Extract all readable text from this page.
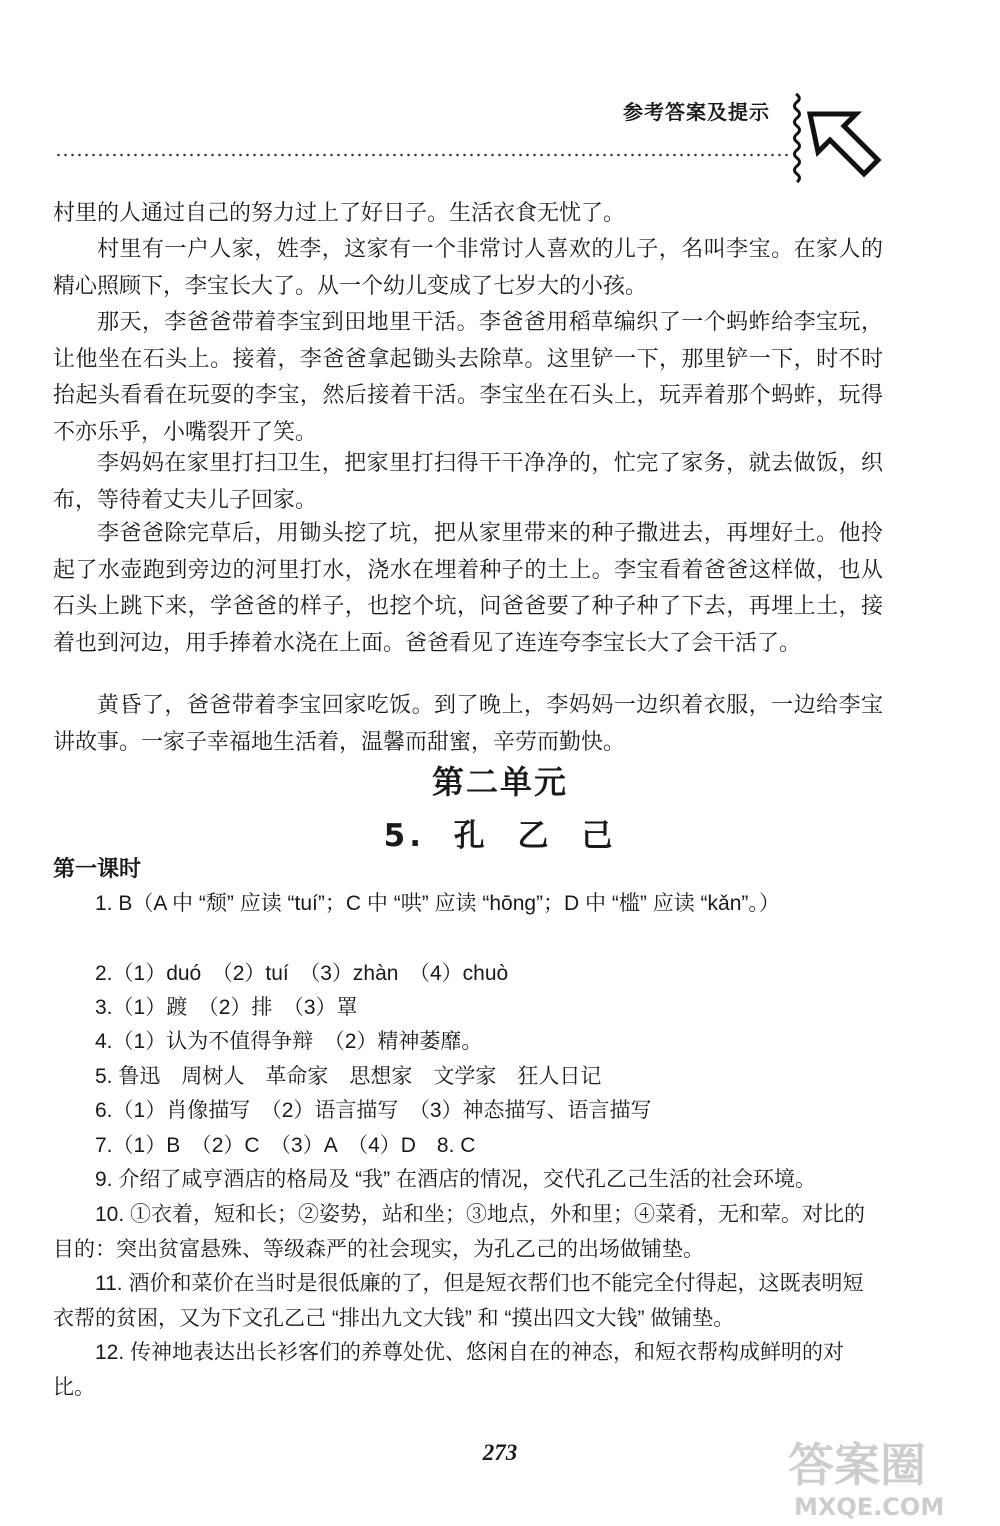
参考答案及提示

村里的人通过自己的努力过上了好日子。生活衣食无忧了。

村里有一户人家，姓李，这家有一个非常讨人喜欢的儿子，名叫李宝。在家人的精心照顾下，李宝长大了。从一个幼儿变成了七岁大的小孩。

那天，李爸爸带着李宝到田地里干活。李爸爸用稻草编织了一个蚂蚱给李宝玩，让他坐在石头上。接着，李爸爸拿起锄头去除草。这里铲一下，那里铲一下，时不时抬起头看看在玩耍的李宝，然后接着干活。李宝坐在石头上，玩弄着那个蚂蚱，玩得不亦乐乎，小嘴裂开了笑。

李妈妈在家里打扫卫生，把家里打扫得干干净净的，忙完了家务，就去做饭，织布，等待着丈夫儿子回家。

李爸爸除完草后，用锄头挖了坑，把从家里带来的种子撒进去，再埋好土。他拎起了水壶跑到旁边的河里打水，浇水在埋着种子的土上。李宝看着爸爸这样做，也从石头上跳下来，学爸爸的样子，也挖个坑，问爸爸要了种子种了下去，再埋上土，接着也到河边，用手捧着水浇在上面。爸爸看见了连连夸李宝长大了会干活了。

黄昏了，爸爸带着李宝回家吃饭。到了晚上，李妈妈一边织着衣服，一边给李宝讲故事。一家子幸福地生活着，温馨而甜蜜，辛劳而勤快。

第二单元
5. 孔 乙 己
第一课时

1. B（A 中 “颓” 应读 “tuí”；C 中 “哄” 应读 “hōng”；D 中 “槛” 应读 “kǎn”。）

2.（1）duó　（2）tuí　（3）zhàn　（4）chuò

3.（1）踱　（2）排　（3）罩

4.（1）认为不值得争辩　（2）精神萎靡。

5. 鲁迅　周树人　革命家　思想家　文学家　狂人日记

6.（1）肖像描写　（2）语言描写　（3）神态描写、语言描写

7.（1）B　（2）C　（3）A　（4）D　8. C

9. 介绍了咸亨酒店的格局及 “我” 在酒店的情况，交代孔乙己生活的社会环境。

10. ①衣着，短和长；②姿势，站和坐；③地点，外和里；④菜肴，无和荤。对比的目的：突出贫富悬殊、等级森严的社会现实，为孔乙己的出场做铺垫。

11. 酒价和菜价在当时是很低廉的了，但是短衣帮们也不能完全付得起，这既表明短衣帮的贫困，又为下文孔乙己 “排出九文大钱” 和 “摸出四文大钱” 做铺垫。

12. 传神地表达出长衫客们的养尊处优、悠闲自在的神态，和短衣帮构成鲜明的对比。

273	答案圈
MXQE.COM
